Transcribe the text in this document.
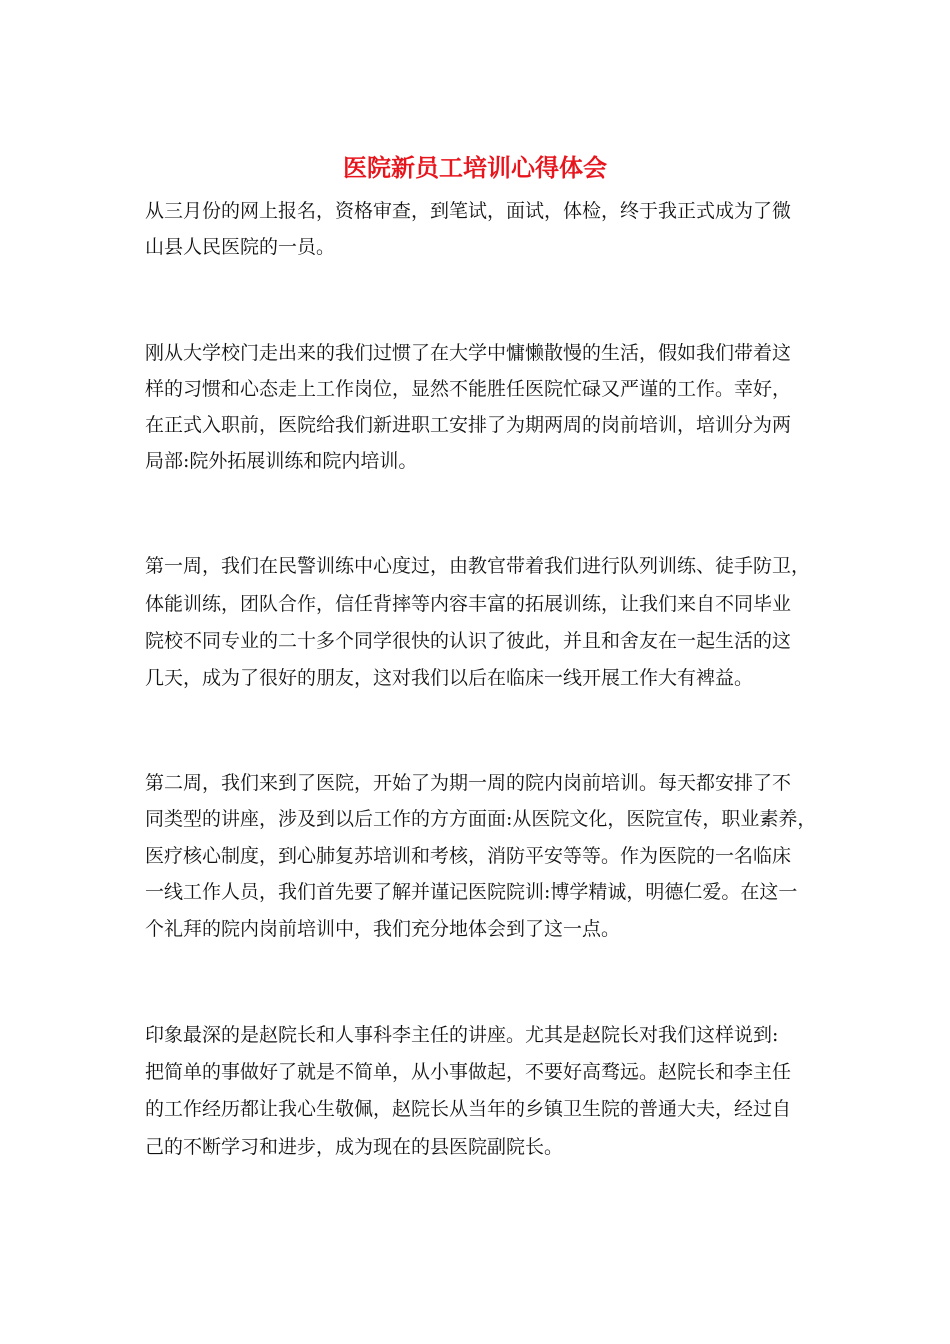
医院新员工培训心得体会
从三月份的网上报名，资格审查，到笔试，面试，体检，终于我正式成为了微
山县人民医院的一员。
刚从大学校门走出来的我们过惯了在大学中慵懒散慢的生活，假如我们带着这
样的习惯和心态走上工作岗位，显然不能胜任医院忙碌又严谨的工作。幸好，
在正式入职前，医院给我们新进职工安排了为期两周的岗前培训，培训分为两
局部:院外拓展训练和院内培训。
第一周，我们在民警训练中心度过，由教官带着我们进行队列训练、徒手防卫，
体能训练，团队合作，信任背摔等内容丰富的拓展训练，让我们来自不同毕业
院校不同专业的二十多个同学很快的认识了彼此，并且和舍友在一起生活的这
几天，成为了很好的朋友，这对我们以后在临床一线开展工作大有裨益。
第二周，我们来到了医院，开始了为期一周的院内岗前培训。每天都安排了不
同类型的讲座，涉及到以后工作的方方面面:从医院文化，医院宣传，职业素养，
医疗核心制度，到心肺复苏培训和考核，消防平安等等。作为医院的一名临床
一线工作人员，我们首先要了解并谨记医院院训:博学精诚，明德仁爱。在这一
个礼拜的院内岗前培训中，我们充分地体会到了这一点。
印象最深的是赵院长和人事科李主任的讲座。尤其是赵院长对我们这样说到:
把简单的事做好了就是不简单，从小事做起，不要好高骛远。赵院长和李主任
的工作经历都让我心生敬佩，赵院长从当年的乡镇卫生院的普通大夫，经过自
己的不断学习和进步，成为现在的县医院副院长。
